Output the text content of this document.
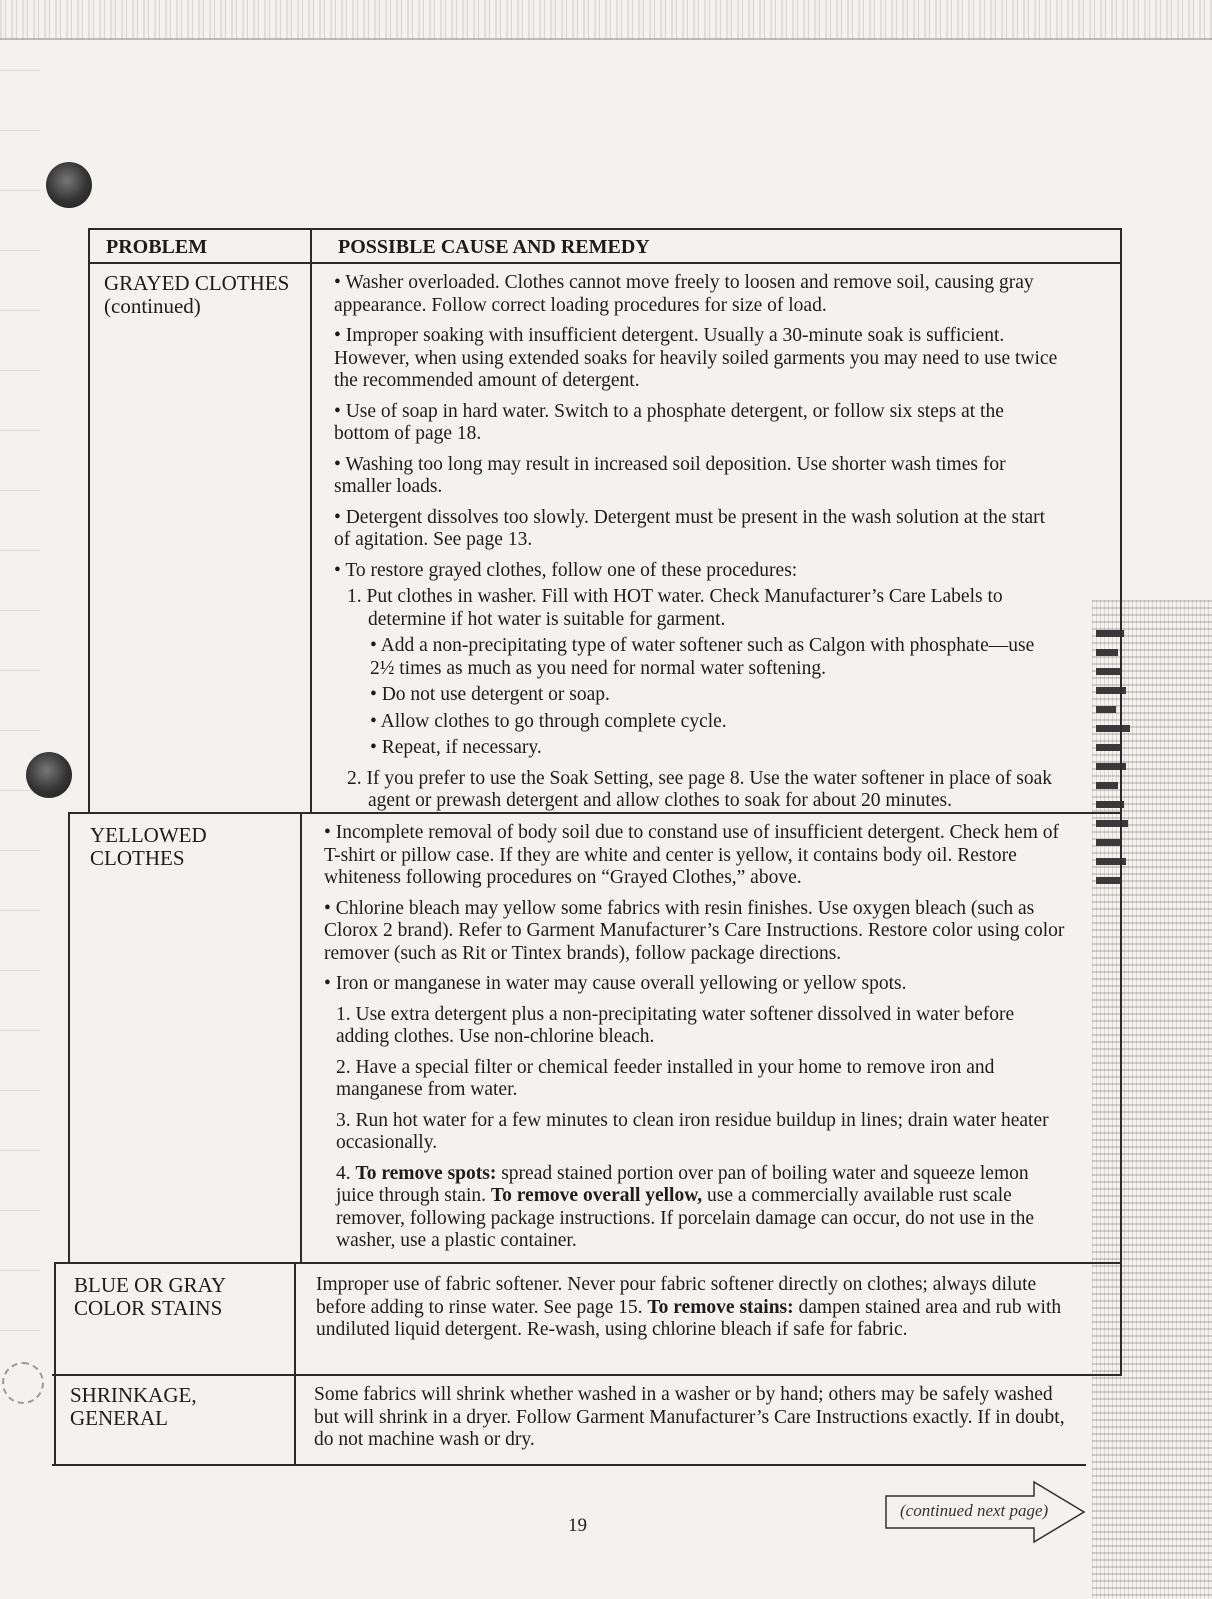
PROBLEM	POSSIBLE CAUSE AND REMEDY
GRAYED CLOTHES
(continued)

• Washer overloaded. Clothes cannot move freely to loosen and remove soil, causing gray appearance. Follow correct loading procedures for size of load.

• Improper soaking with insufficient detergent. Usually a 30-minute soak is sufficient. However, when using extended soaks for heavily soiled garments you may need to use twice the recommended amount of detergent.

• Use of soap in hard water. Switch to a phosphate detergent, or follow six steps at the bottom of page 18.

• Washing too long may result in increased soil deposition. Use shorter wash times for smaller loads.

• Detergent dissolves too slowly. Detergent must be present in the wash solution at the start of agitation. See page 13.

• To restore grayed clothes, follow one of these procedures:

1. Put clothes in washer. Fill with HOT water. Check Manufacturer’s Care Labels to determine if hot water is suitable for garment.

• Add a non-precipitating type of water softener such as Calgon with phosphate—use 2½ times as much as you need for normal water softening.

• Do not use detergent or soap.

• Allow clothes to go through complete cycle.

• Repeat, if necessary.

2. If you prefer to use the Soak Setting, see page 8. Use the water softener in place of soak agent or prewash detergent and allow clothes to soak for about 20 minutes.

YELLOWED
CLOTHES

• Incomplete removal of body soil due to constand use of insufficient detergent. Check hem of T-shirt or pillow case. If they are white and center is yellow, it contains body oil. Restore whiteness following procedures on “Grayed Clothes,” above.

• Chlorine bleach may yellow some fabrics with resin finishes. Use oxygen bleach (such as Clorox 2 brand). Refer to Garment Manufacturer’s Care Instructions. Restore color using color remover (such as Rit or Tintex brands), follow package directions.

• Iron or manganese in water may cause overall yellowing or yellow spots.

1. Use extra detergent plus a non-precipitating water softener dissolved in water before adding clothes. Use non-chlorine bleach.

2. Have a special filter or chemical feeder installed in your home to remove iron and manganese from water.

3. Run hot water for a few minutes to clean iron residue buildup in lines; drain water heater occasionally.

4. To remove spots: spread stained portion over pan of boiling water and squeeze lemon juice through stain. To remove overall yellow, use a commercially available rust scale remover, following package instructions. If porcelain damage can occur, do not use in the washer, use a plastic container.

BLUE OR GRAY
COLOR STAINS

Improper use of fabric softener. Never pour fabric softener directly on clothes; always dilute before adding to rinse water. See page 15. To remove stains: dampen stained area and rub with undiluted liquid detergent. Re-wash, using chlorine bleach if safe for fabric.

SHRINKAGE,
GENERAL

Some fabrics will shrink whether washed in a washer or by hand; others may be safely washed but will shrink in a dryer. Follow Garment Manufacturer’s Care Instructions exactly. If in doubt, do not machine wash or dry.

(continued next page)
19
